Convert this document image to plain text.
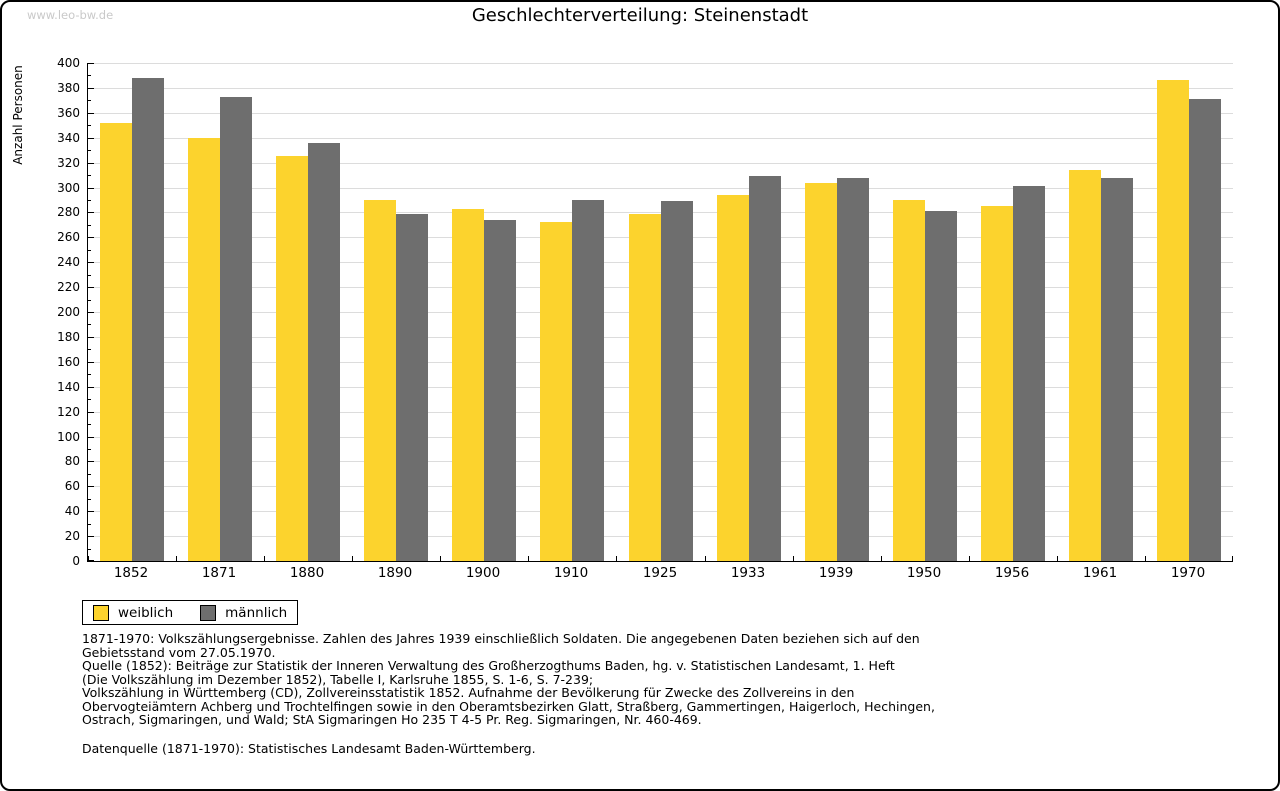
www.leo-bw.de	Geschlechterverteilung: Steinenstadt
Anzahl Personen
0
20
40
60
80
100
120
140
160
180
200
220
240
260
280
300
320
340
360
380
400
1852	1871	1880	1890	1900	1910	1925	1933	1939	1950	1956	1961	1970
weiblich	männlich
1871-1970: Volkszählungsergebnisse. Zahlen des Jahres 1939 einschließlich Soldaten. Die angegebenen Daten beziehen sich auf den
Gebietsstand vom 27.05.1970.
Quelle (1852): Beiträge zur Statistik der Inneren Verwaltung des Großherzogthums Baden, hg. v. Statistischen Landesamt, 1. Heft
(Die Volkszählung im Dezember 1852), Tabelle I, Karlsruhe 1855, S. 1-6, S. 7-239;
Volkszählung in Württemberg (CD), Zollvereinsstatistik 1852. Aufnahme der Bevölkerung für Zwecke des Zollvereins in den
Obervogteiämtern Achberg und Trochtelfingen sowie in den Oberamtsbezirken Glatt, Straßberg, Gammertingen, Haigerloch, Hechingen,
Ostrach, Sigmaringen, und Wald; StA Sigmaringen Ho 235 T 4-5 Pr. Reg. Sigmaringen, Nr. 460-469.
Datenquelle (1871-1970): Statistisches Landesamt Baden-Württemberg.
